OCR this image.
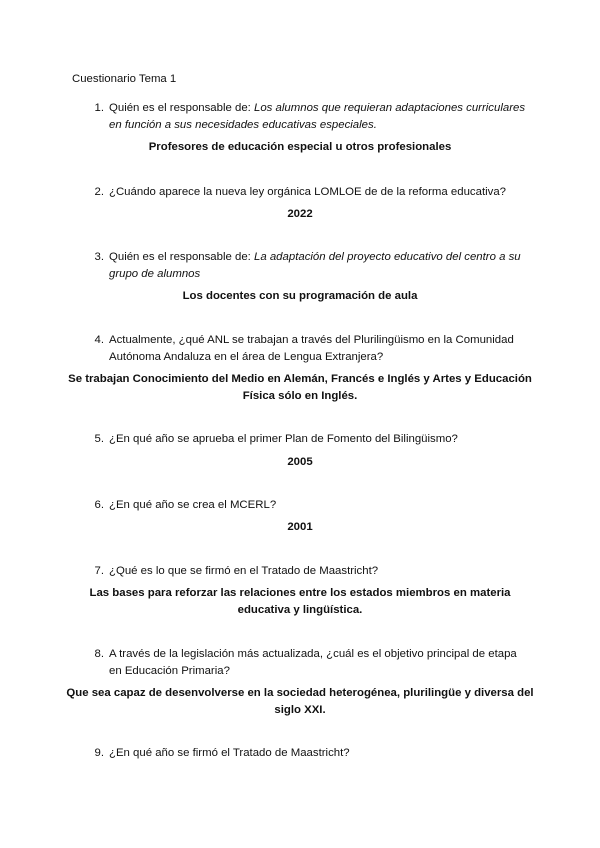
Cuestionario Tema 1
1. Quién es el responsable de: Los alumnos que requieran adaptaciones curriculares en función a sus necesidades educativas especiales.
Profesores de educación especial u otros profesionales
2. ¿Cuándo aparece la nueva ley orgánica LOMLOE de de la reforma educativa?
2022
3. Quién es el responsable de: La adaptación del proyecto educativo del centro a su grupo de alumnos
Los docentes con su programación de aula
4. Actualmente, ¿qué ANL se trabajan a través del Plurilingüismo en la Comunidad Autónoma Andaluza en el área de Lengua Extranjera?
Se trabajan Conocimiento del Medio en Alemán, Francés e Inglés y Artes y Educación Física sólo en Inglés.
5. ¿En qué año se aprueba el primer Plan de Fomento del Bilingüismo?
2005
6. ¿En qué año se crea el MCERL?
2001
7. ¿Qué es lo que se firmó en el Tratado de Maastricht?
Las bases para reforzar las relaciones entre los estados miembros en materia educativa y lingüística.
8. A través de la legislación más actualizada, ¿cuál es el objetivo principal de etapa en Educación Primaria?
Que sea capaz de desenvolverse en la sociedad heterogénea, plurilingüe y diversa del siglo XXI.
9. ¿En qué año se firmó el Tratado de Maastricht?
